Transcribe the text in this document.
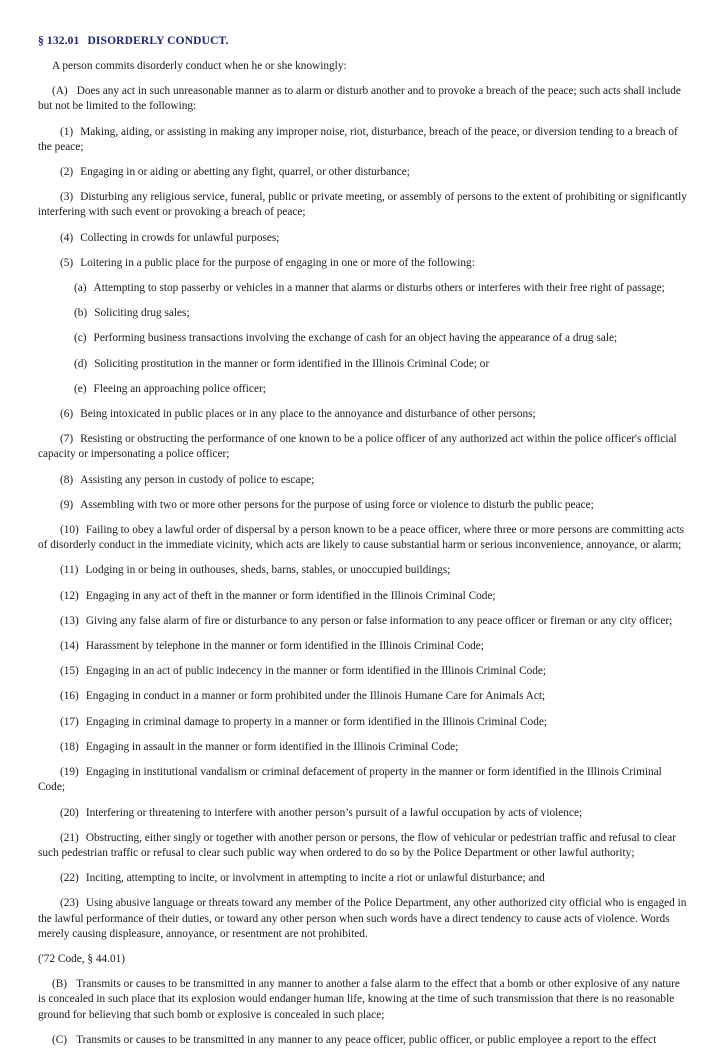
§ 132.01 DISORDERLY CONDUCT.

A person commits disorderly conduct when he or she knowingly:

(A) Does any act in such unreasonable manner as to alarm or disturb another and to provoke a breach of the peace; such acts shall include but not be limited to the following:

(1) Making, aiding, or assisting in making any improper noise, riot, disturbance, breach of the peace, or diversion tending to a breach of the peace;

(2) Engaging in or aiding or abetting any fight, quarrel, or other disturbance;

(3) Disturbing any religious service, funeral, public or private meeting, or assembly of persons to the extent of prohibiting or significantly interfering with such event or provoking a breach of peace;

(4) Collecting in crowds for unlawful purposes;

(5) Loitering in a public place for the purpose of engaging in one or more of the following:

(a) Attempting to stop passerby or vehicles in a manner that alarms or disturbs others or interferes with their free right of passage;

(b) Soliciting drug sales;

(c) Performing business transactions involving the exchange of cash for an object having the appearance of a drug sale;

(d) Soliciting prostitution in the manner or form identified in the Illinois Criminal Code; or

(e) Fleeing an approaching police officer;

(6) Being intoxicated in public places or in any place to the annoyance and disturbance of other persons;

(7) Resisting or obstructing the performance of one known to be a police officer of any authorized act within the police officer's official capacity or impersonating a police officer;

(8) Assisting any person in custody of police to escape;

(9) Assembling with two or more other persons for the purpose of using force or violence to disturb the public peace;

(10) Failing to obey a lawful order of dispersal by a person known to be a peace officer, where three or more persons are committing acts of disorderly conduct in the immediate vicinity, which acts are likely to cause substantial harm or serious inconvenience, annoyance, or alarm;

(11) Lodging in or being in outhouses, sheds, barns, stables, or unoccupied buildings;

(12) Engaging in any act of theft in the manner or form identified in the Illinois Criminal Code;

(13) Giving any false alarm of fire or disturbance to any person or false information to any peace officer or fireman or any city officer;

(14) Harassment by telephone in the manner or form identified in the Illinois Criminal Code;

(15) Engaging in an act of public indecency in the manner or form identified in the Illinois Criminal Code;

(16) Engaging in conduct in a manner or form prohibited under the Illinois Humane Care for Animals Act;

(17) Engaging in criminal damage to property in a manner or form identified in the Illinois Criminal Code;

(18) Engaging in assault in the manner or form identified in the Illinois Criminal Code;

(19) Engaging in institutional vandalism or criminal defacement of property in the manner or form identified in the Illinois Criminal Code;

(20) Interfering or threatening to interfere with another person’s pursuit of a lawful occupation by acts of violence;

(21) Obstructing, either singly or together with another person or persons, the flow of vehicular or pedestrian traffic and refusal to clear such pedestrian traffic or refusal to clear such public way when ordered to do so by the Police Department or other lawful authority;

(22) Inciting, attempting to incite, or involvment in attempting to incite a riot or unlawful disturbance; and

(23) Using abusive language or threats toward any member of the Police Department, any other authorized city official who is engaged in the lawful performance of their duties, or toward any other person when such words have a direct tendency to cause acts of violence. Words merely causing displeasure, annoyance, or resentment are not prohibited.

('72 Code, § 44.01)

(B) Transmits or causes to be transmitted in any manner to another a false alarm to the effect that a bomb or other explosive of any nature is concealed in such place that its explosion would endanger human life, knowing at the time of such transmission that there is no reasonable ground for believing that such bomb or explosive is concealed in such place;

(C) Transmits or causes to be transmitted in any manner to any peace officer, public officer, or public employee a report to the effect
